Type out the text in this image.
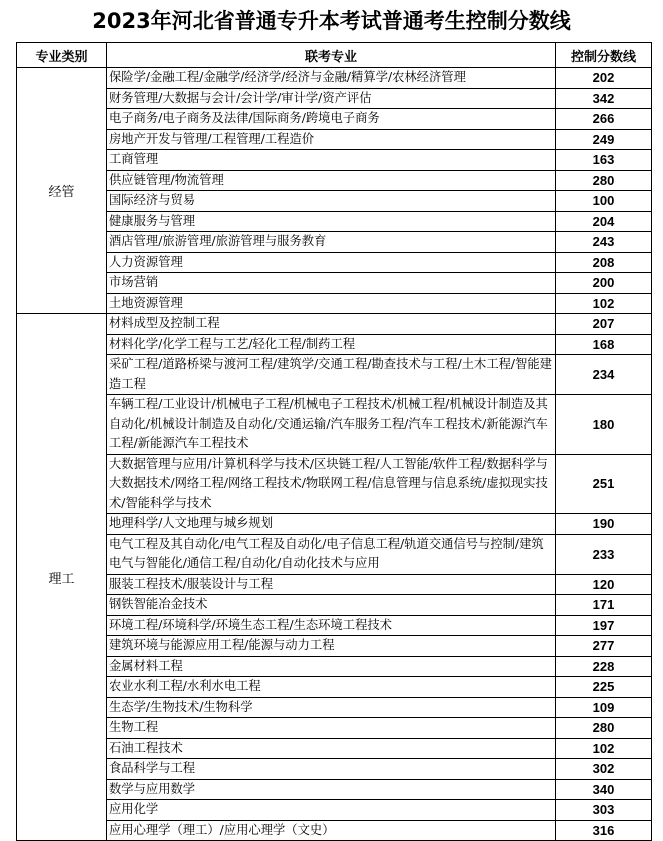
2023年河北省普通专升本考试普通考生控制分数线
专业类别	联考专业	控制分数线
经管	保险学/金融工程/金融学/经济学/经济与金融/精算学/农林经济管理	202
	财务管理/大数据与会计/会计学/审计学/资产评估	342
	电子商务/电子商务及法律/国际商务/跨境电子商务	266
	房地产开发与管理/工程管理/工程造价	249
	工商管理	163
	供应链管理/物流管理	280
	国际经济与贸易	100
	健康服务与管理	204
	酒店管理/旅游管理/旅游管理与服务教育	243
	人力资源管理	208
	市场营销	200
	土地资源管理	102
理工	材料成型及控制工程	207
	材料化学/化学工程与工艺/轻化工程/制药工程	168
	采矿工程/道路桥梁与渡河工程/建筑学/交通工程/勘查技术与工程/土木工程/智能建造工程	234
	车辆工程/工业设计/机械电子工程/机械电子工程技术/机械工程/机械设计制造及其自动化/机械设计制造及自动化/交通运输/汽车服务工程/汽车工程技术/新能源汽车工程/新能源汽车工程技术	180
	大数据管理与应用/计算机科学与技术/区块链工程/人工智能/软件工程/数据科学与大数据技术/网络工程/网络工程技术/物联网工程/信息管理与信息系统/虚拟现实技术/智能科学与技术	251
	地理科学/人文地理与城乡规划	190
	电气工程及其自动化/电气工程及自动化/电子信息工程/轨道交通信号与控制/建筑电气与智能化/通信工程/自动化/自动化技术与应用	233
	服装工程技术/服装设计与工程	120
	钢铁智能冶金技术	171
	环境工程/环境科学/环境生态工程/生态环境工程技术	197
	建筑环境与能源应用工程/能源与动力工程	277
	金属材料工程	228
	农业水利工程/水利水电工程	225
	生态学/生物技术/生物科学	109
	生物工程	280
	石油工程技术	102
	食品科学与工程	302
	数学与应用数学	340
	应用化学	303
	应用心理学（理工）/应用心理学（文史）	316
